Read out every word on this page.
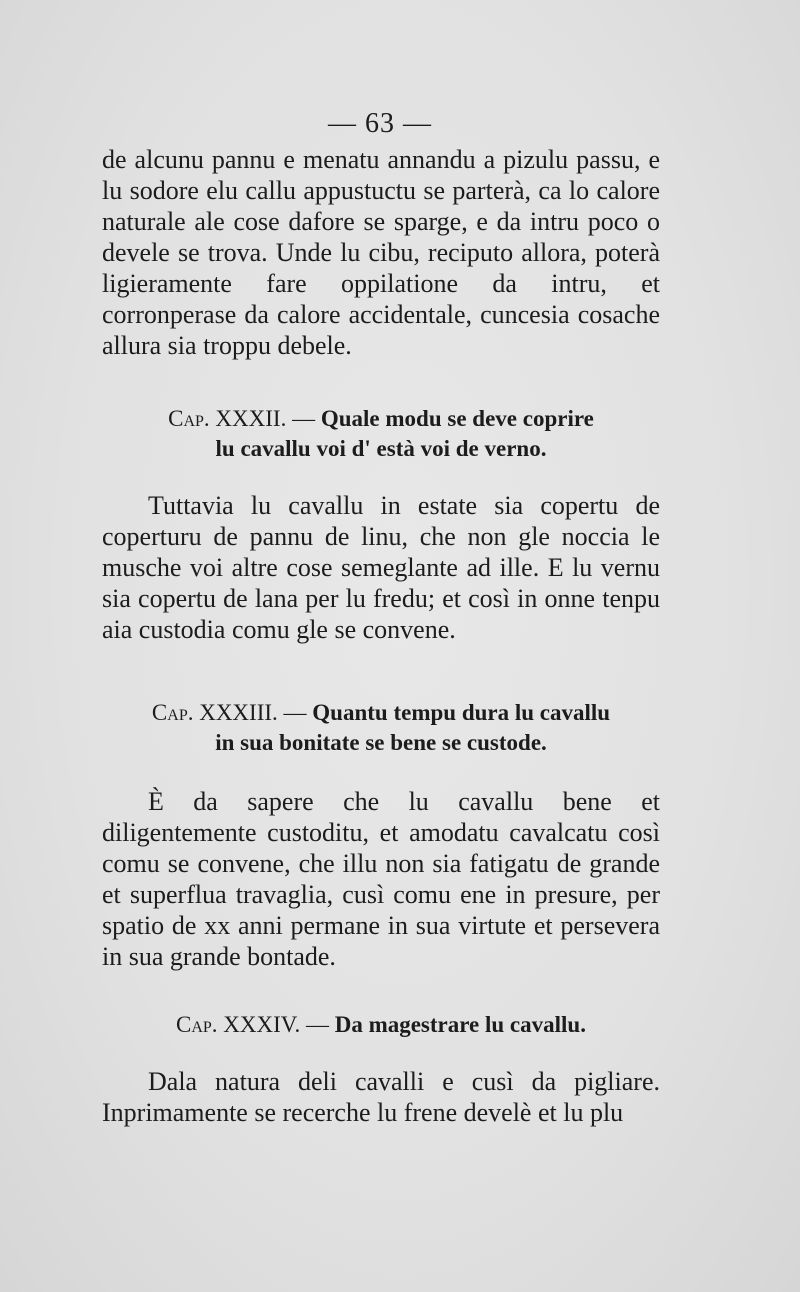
— 63 —

de alcunu pannu e menatu annandu a pizulu passu, e lu sodore elu callu appustuctu se parterà, ca lo calore naturale ale cose dafore se sparge, e da intru poco o devele se trova. Unde lu cibu, reciputo allora, poterà ligieramente fare oppilatione da intru, et corronperase da calore accidentale, cuncesia cosache allura sia troppu debele.

Cap. XXXII. — Quale modu se deve coprire
lu cavallu voi d' està voi de verno.

Tuttavia lu cavallu in estate sia copertu de coperturu de pannu de linu, che non gle noccia le musche voi altre cose semeglante ad ille. E lu vernu sia copertu de lana per lu fredu; et così in onne tenpu aia custodia comu gle se convene.

Cap. XXXIII. — Quantu tempu dura lu cavallu
in sua bonitate se bene se custode.

È da sapere che lu cavallu bene et diligentemente custoditu, et amodatu cavalcatu così comu se convene, che illu non sia fatigatu de grande et superflua travaglia, cusì comu ene in presure, per spatio de xx anni permane in sua virtute et persevera in sua grande bontade.

Cap. XXXIV. — Da magestrare lu cavallu.

Dala natura deli cavalli e cusì da pigliare. Inprimamente se recerche lu frene develè et lu plu
